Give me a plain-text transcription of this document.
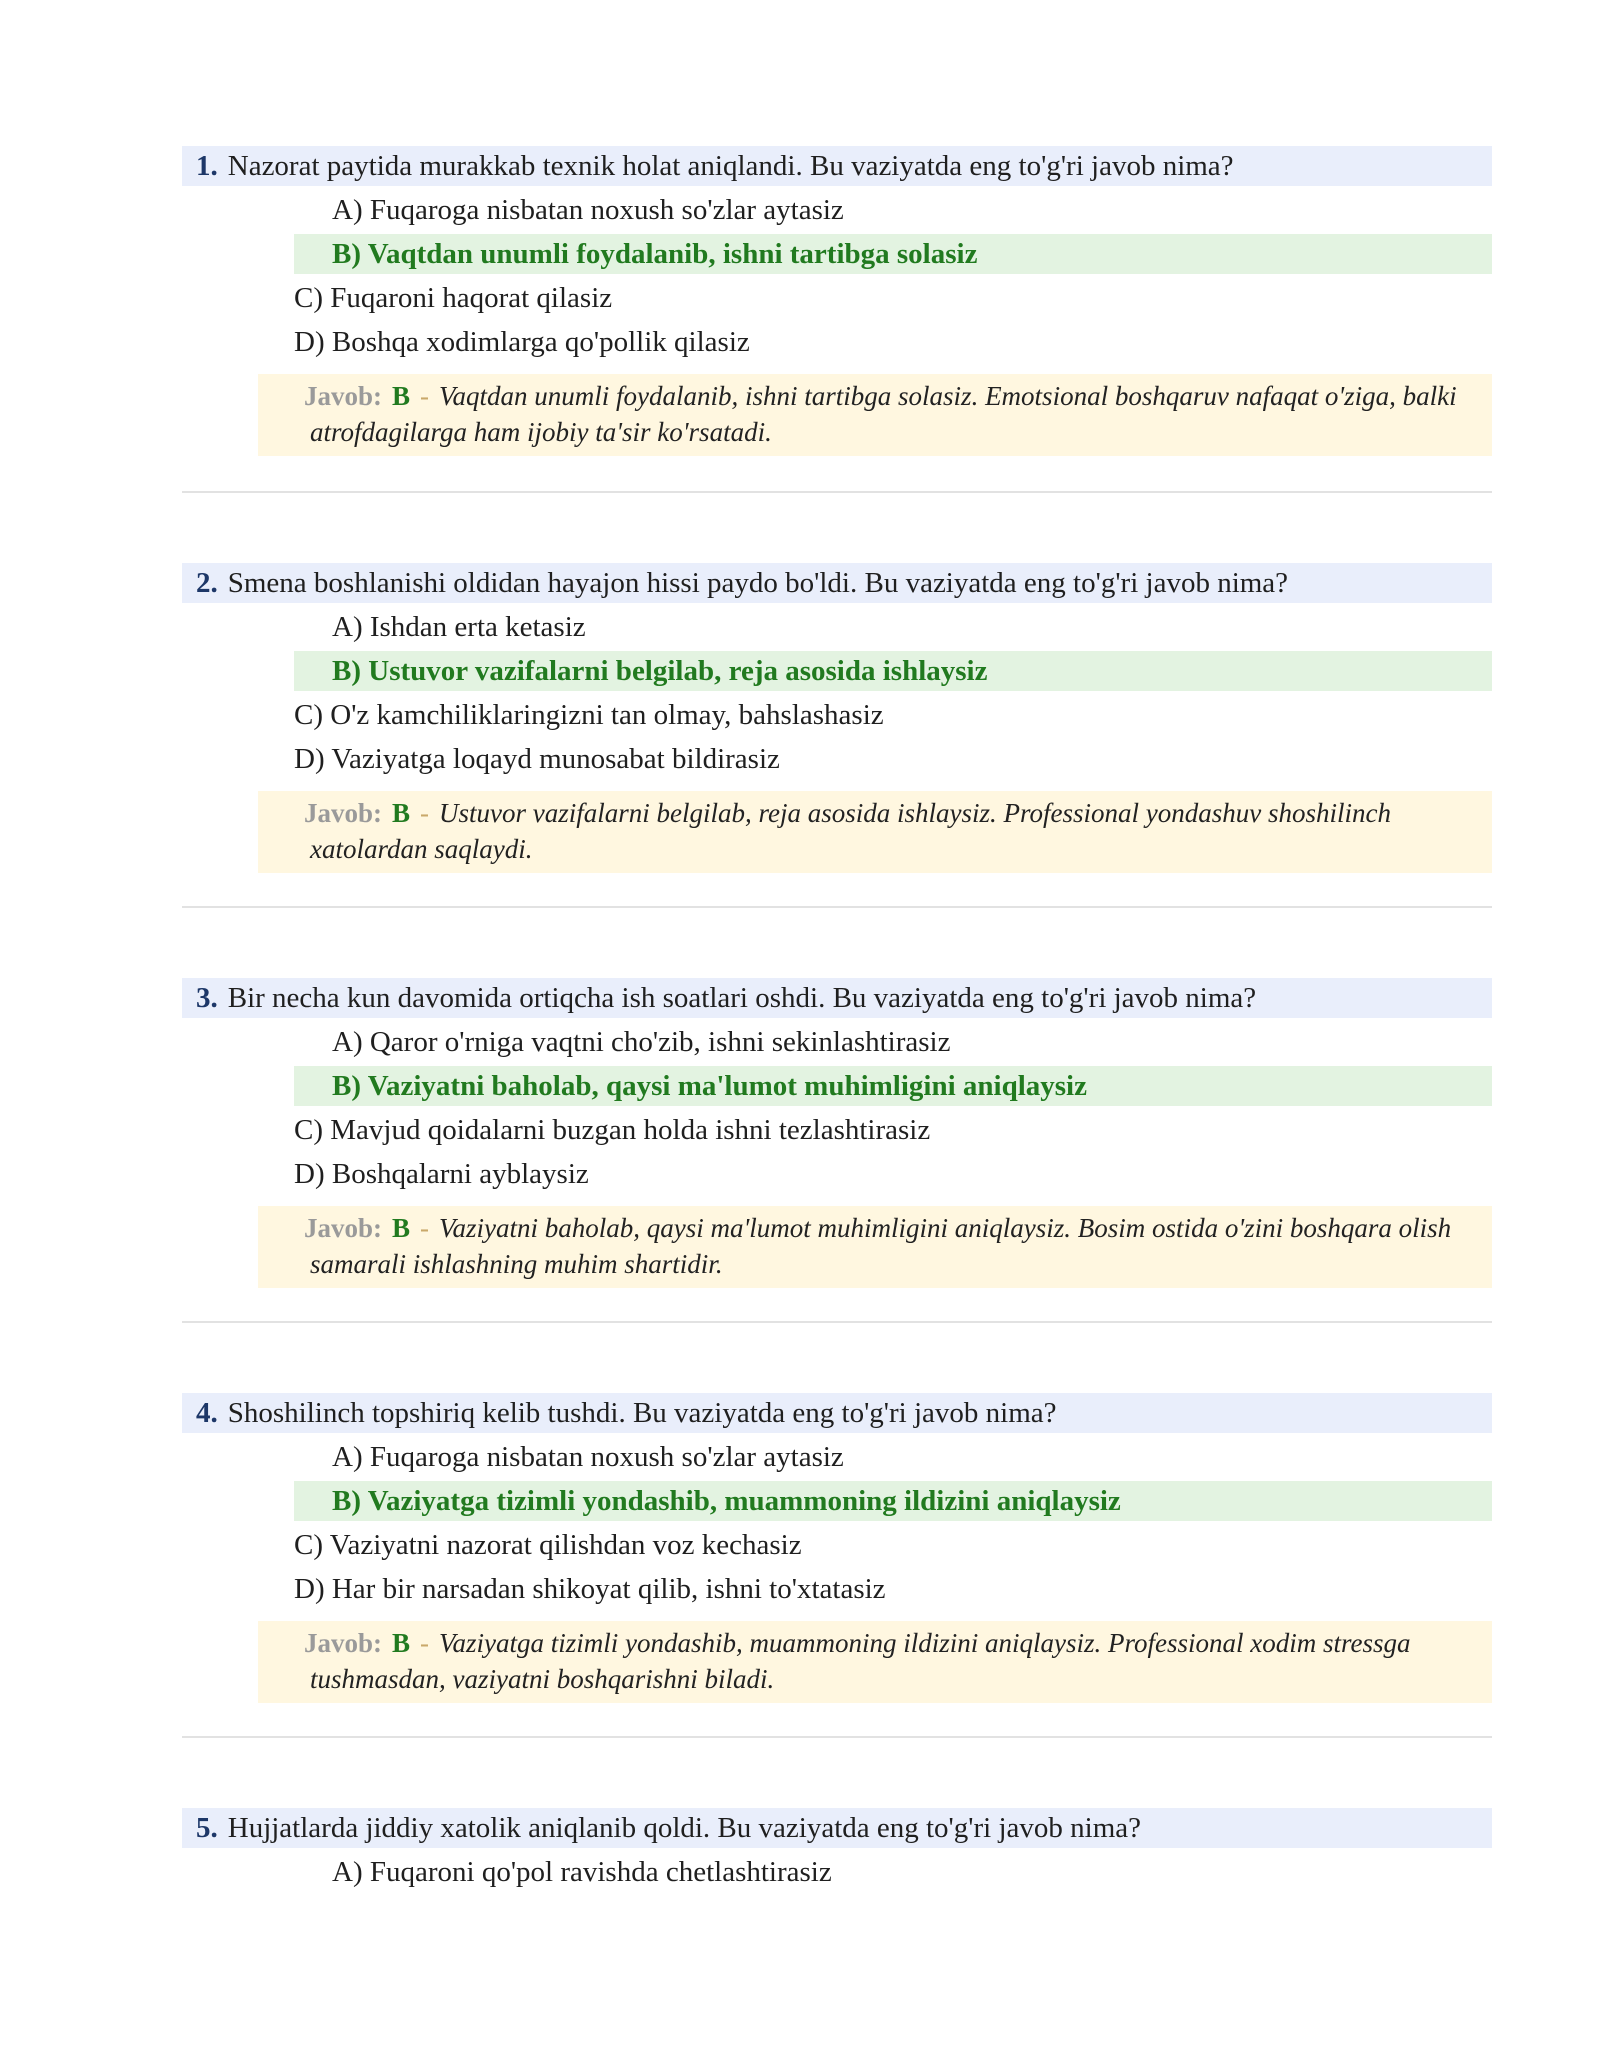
1. Nazorat paytida murakkab texnik holat aniqlandi. Bu vaziyatda eng to'g'ri javob nima?
A) Fuqaroga nisbatan noxush so'zlar aytasiz
B) Vaqtdan unumli foydalanib, ishni tartibga solasiz
C) Fuqaroni haqorat qilasiz
D) Boshqa xodimlarga qo'pollik qilasiz
Javob: B - Vaqtdan unumli foydalanib, ishni tartibga solasiz. Emotsional boshqaruv nafaqat o'ziga, balki atrofdagilarga ham ijobiy ta'sir ko'rsatadi.
2. Smena boshlanishi oldidan hayajon hissi paydo bo'ldi. Bu vaziyatda eng to'g'ri javob nima?
A) Ishdan erta ketasiz
B) Ustuvor vazifalarni belgilab, reja asosida ishlaysiz
C) O'z kamchiliklaringizni tan olmay, bahslashasiz
D) Vaziyatga loqayd munosabat bildirasiz
Javob: B - Ustuvor vazifalarni belgilab, reja asosida ishlaysiz. Professional yondashuv shoshilinch xatolardan saqlaydi.
3. Bir necha kun davomida ortiqcha ish soatlari oshdi. Bu vaziyatda eng to'g'ri javob nima?
A) Qaror o'rniga vaqtni cho'zib, ishni sekinlashtirasiz
B) Vaziyatni baholab, qaysi ma'lumot muhimligini aniqlaysiz
C) Mavjud qoidalarni buzgan holda ishni tezlashtirasiz
D) Boshqalarni ayblaysiz
Javob: B - Vaziyatni baholab, qaysi ma'lumot muhimligini aniqlaysiz. Bosim ostida o'zini boshqara olish samarali ishlashning muhim shartidir.
4. Shoshilinch topshiriq kelib tushdi. Bu vaziyatda eng to'g'ri javob nima?
A) Fuqaroga nisbatan noxush so'zlar aytasiz
B) Vaziyatga tizimli yondashib, muammoning ildizini aniqlaysiz
C) Vaziyatni nazorat qilishdan voz kechasiz
D) Har bir narsadan shikoyat qilib, ishni to'xtatasiz
Javob: B - Vaziyatga tizimli yondashib, muammoning ildizini aniqlaysiz. Professional xodim stressga tushmasdan, vaziyatni boshqarishni biladi.
5. Hujjatlarda jiddiy xatolik aniqlanib qoldi. Bu vaziyatda eng to'g'ri javob nima?
A) Fuqaroni qo'pol ravishda chetlashtirasiz
